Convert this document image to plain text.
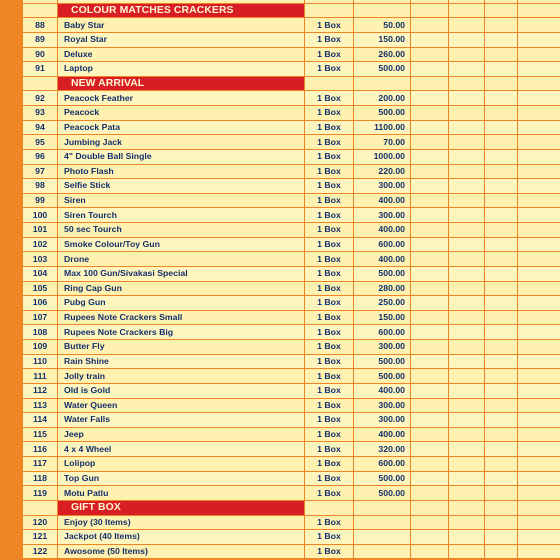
	COLOUR MATCHES CRACKERS						
88	Baby Star	1 Box	50.00				
89	Royal Star	1 Box	150.00				
90	Deluxe	1 Box	260.00				
91	Laptop	1 Box	500.00				
	NEW ARRIVAL						
92	Peacock Feather	1 Box	200.00				
93	Peacock	1 Box	500.00				
94	Peacock Pata	1 Box	1100.00				
95	Jumbing Jack	1 Box	70.00				
96	4" Double Ball Single	1 Box	1000.00				
97	Photo Flash	1 Box	220.00				
98	Selfie Stick	1 Box	300.00				
99	Siren	1 Box	400.00				
100	Siren Tourch	1 Box	300.00				
101	50 sec Tourch	1 Box	400.00				
102	Smoke Colour/Toy Gun	1 Box	600.00				
103	Drone	1 Box	400.00				
104	Max 100 Gun/Sivakasi Special	1 Box	500.00				
105	Ring Cap Gun	1 Box	280.00				
106	Pubg Gun	1 Box	250.00				
107	Rupees Note Crackers Small	1 Box	150.00				
108	Rupees Note Crackers Big	1 Box	600.00				
109	Butter Fly	1 Box	300.00				
110	Rain Shine	1 Box	500.00				
111	Jolly train	1 Box	500.00				
112	Old is Gold	1 Box	400.00				
113	Water Queen	1 Box	300.00				
114	Water Falls	1 Box	300.00				
115	Jeep	1 Box	400.00				
116	4 x 4 Wheel	1 Box	320.00				
117	Lolipop	1 Box	600.00				
118	Top Gun	1 Box	500.00				
119	Motu Patlu	1 Box	500.00				
	GIFT BOX						
120	Enjoy (30 Items)	1 Box					
121	Jackpot (40 Items)	1 Box					
122	Awosome (50 Items)	1 Box					
